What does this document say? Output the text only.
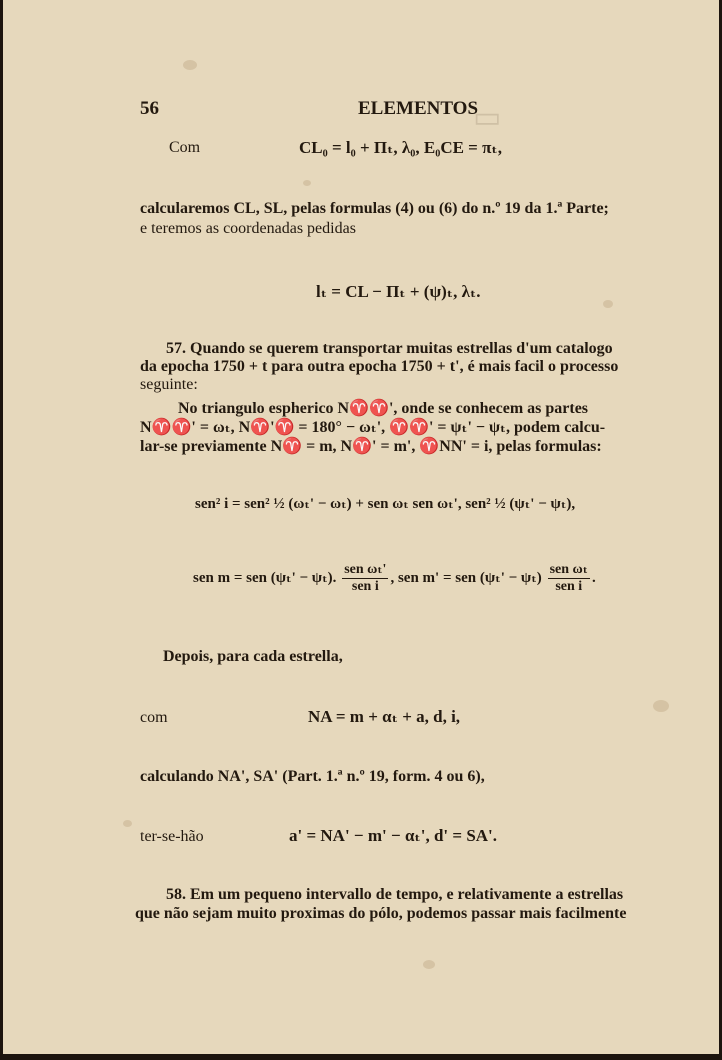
▭
56	ELEMENTOS
Com	CL₀ = l₀ + Πₜ, λ₀, E₀CE = πₜ,
calcularemos CL, SL, pelas formulas (4) ou (6) do n.º 19 da 1.ª Parte;
e teremos as coordenadas pedidas
lₜ = CL − Πₜ + (ψ)ₜ, λₜ.
57. Quando se querem transportar muitas estrellas d'um catalogo
da epocha 1750 + t para outra epocha 1750 + t', é mais facil o processo
seguinte:
No triangulo espherico N♈♈', onde se conhecem as partes
N♈♈' = ωₜ, N♈'♈ = 180° − ωₜ', ♈♈' = ψₜ' − ψₜ, podem calcu-
lar-se previamente N♈ = m, N♈' = m', ♈NN' = i, pelas formulas:
sen² i = sen² ½ (ωₜ' − ωₜ) + sen ωₜ sen ωₜ', sen² ½ (ψₜ' − ψₜ),
sen m = sen (ψₜ' − ψₜ). $\frac{\text{sen ωₜ'}}{\text{sen i}}$ , sen m' = sen $(\psi_t' - \psi_t) \frac{\text{sen ωₜ}}{\text{sen i}}$ .
Depois, para cada estrella,
com	NA = m + αₜ + a, d, i,
calculando NA', SA' (Part. 1.ª n.º 19, form. 4 ou 6),
ter-se-hão	a' = NA' − m' − αₜ', d' = SA'.
58. Em um pequeno intervallo de tempo, e relativamente a estrellas
que não sejam muito proximas do pólo, podemos passar mais facilmente
